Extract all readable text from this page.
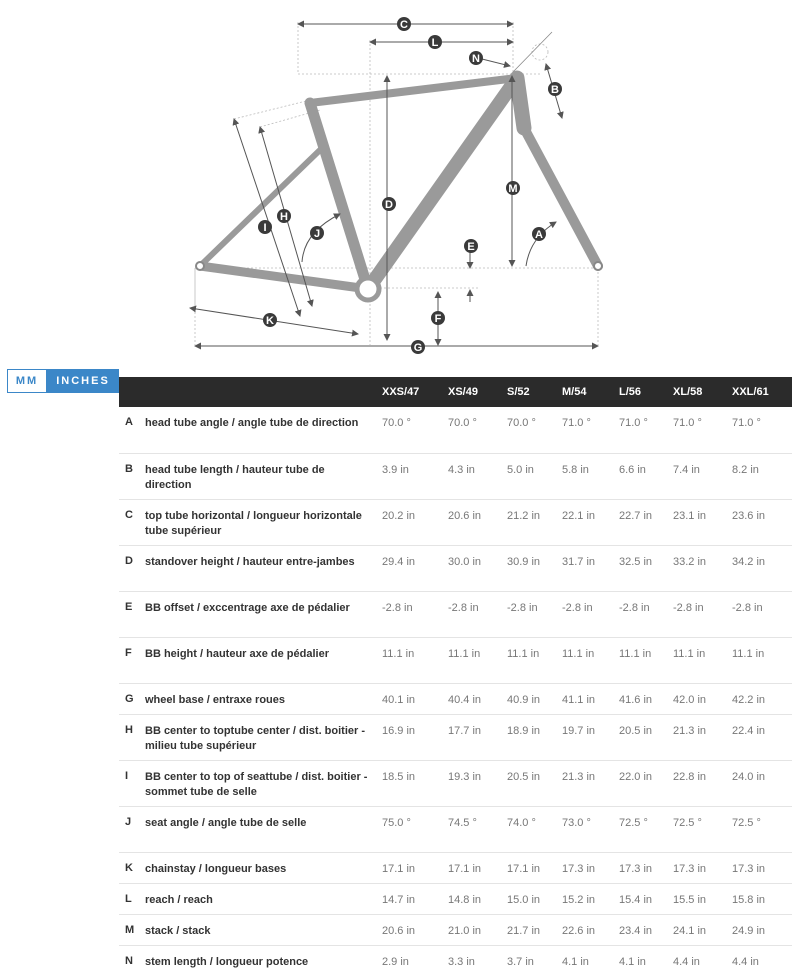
C
L
N
B
D
M
H
I	J	A
E
F
K
G
MM	INCHES
		XXS/47	XS/49	S/52	M/54	L/56	XL/58	XXL/61
A	head tube angle / angle tube de direction	70.0 °	70.0 °	70.0 °	71.0 °	71.0 °	71.0 °	71.0 °
B	head tube length / hauteur tube de direction	3.9 in	4.3 in	5.0 in	5.8 in	6.6 in	7.4 in	8.2 in
C	top tube horizontal / longueur horizontale tube supérieur	20.2 in	20.6 in	21.2 in	22.1 in	22.7 in	23.1 in	23.6 in
D	standover height / hauteur entre-jambes	29.4 in	30.0 in	30.9 in	31.7 in	32.5 in	33.2 in	34.2 in
E	BB offset / exccentrage axe de pédalier	-2.8 in	-2.8 in	-2.8 in	-2.8 in	-2.8 in	-2.8 in	-2.8 in
F	BB height / hauteur axe de pédalier	11.1 in	11.1 in	11.1 in	11.1 in	11.1 in	11.1 in	11.1 in
G	wheel base / entraxe roues	40.1 in	40.4 in	40.9 in	41.1 in	41.6 in	42.0 in	42.2 in
H	BB center to toptube center / dist. boitier - milieu tube supérieur	16.9 in	17.7 in	18.9 in	19.7 in	20.5 in	21.3 in	22.4 in
I	BB center to top of seattube / dist. boitier - sommet tube de selle	18.5 in	19.3 in	20.5 in	21.3 in	22.0 in	22.8 in	24.0 in
J	seat angle / angle tube de selle	75.0 °	74.5 °	74.0 °	73.0 °	72.5 °	72.5 °	72.5 °
K	chainstay / longueur bases	17.1 in	17.1 in	17.1 in	17.3 in	17.3 in	17.3 in	17.3 in
L	reach / reach	14.7 in	14.8 in	15.0 in	15.2 in	15.4 in	15.5 in	15.8 in
M	stack / stack	20.6 in	21.0 in	21.7 in	22.6 in	23.4 in	24.1 in	24.9 in
N	stem length / longueur potence	2.9 in	3.3 in	3.7 in	4.1 in	4.1 in	4.4 in	4.4 in
